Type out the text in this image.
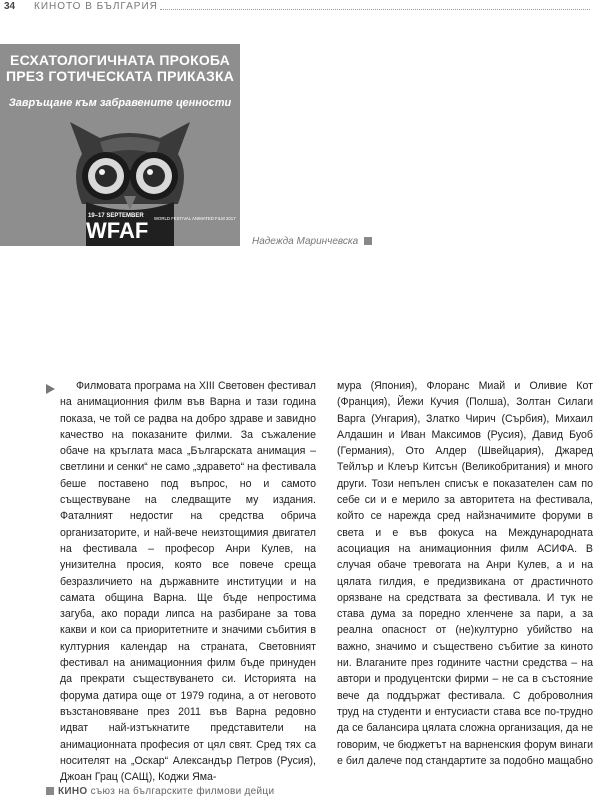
34 КИНОТО В БЪЛГАРИЯ
ЕСХАТОЛОГИЧНАТА ПРОКОБА
ПРЕЗ ГОТИЧЕСКАТА ПРИКАЗКА
Завръщане към забравените ценности
19–17 SEPTEMBER
WFAF WORLD FESTIVAL ANIMATED FILM 2017
Надежда Маринчевска
Филмовата програма на XIII Световен фестивал на анимационния филм във Варна и тази година показа, че той се радва на добро здраве и завидно качество на показаните филми. За съжаление обаче на кръглата маса „Българската анимация – светлини и сенки“ не само „здравето“ на фестивала беше поставено под въпрос, но и самото съществуване на следващите му издания. Фаталният недостиг на средства обрича организаторите, и най-вече неизтощимия двигател на фестивала – професор Анри Кулев, на унизителна просия, която все повече среща безразличието на държавните институции и на самата община Варна. Ще бъде непростима загуба, ако поради липса на разбиране за това какви и кои са приоритетните и значими събития в културния календар на страната, Световният фестивал на анимационния филм бъде принуден да прекрати съществуването си. Историята на форума датира още от 1979 година, а от неговото възстановяване през 2011 във Варна редовно идват най-изтъкнатите представители на анимационната професия от цял свят. Сред тях са носителят на „Оскар“ Александър Петров (Русия), Джоан Грац (САЩ), Коджи Яма-
мура (Япония), Флоранс Миай и Оливие Кот (Франция), Йежи Кучия (Полша), Золтан Силаги Варга (Унгария), Златко Чирич (Сърбия), Михаил Алдашин и Иван Максимов (Русия), Давид Буоб (Германия), Ото Алдер (Швейцария), Джаред Тейлър и Клеър Китсън (Великобритания) и много други. Този непълен списък е показателен сам по себе си и е мерило за авторитета на фестивала, който се нарежда сред найзначимите форуми в света и е във фокуса на Международната асоциация на анимационния филм АСИФА. В случая обаче тревогата на Анри Кулев, а и на цялата гилдия, е предизвикана от драстичното орязване на средствата за фестивала. И тук не става дума за поредно хленчене за пари, а за реална опасност от (не)културно убийство на важно, значимо и съществено събитие за киното ни. Влаганите през годините частни средства – на автори и продуцентски фирми – не са в състояние вече да поддържат фестивала. С доброволния труд на студенти и ентусиасти става все по-трудно да се балансира цялата сложна организация, да не говорим, че бюджетът на варненския форум винаги е бил далече под стандартите за подобно мащабно
КИНО съюз на българските филмови дейци
